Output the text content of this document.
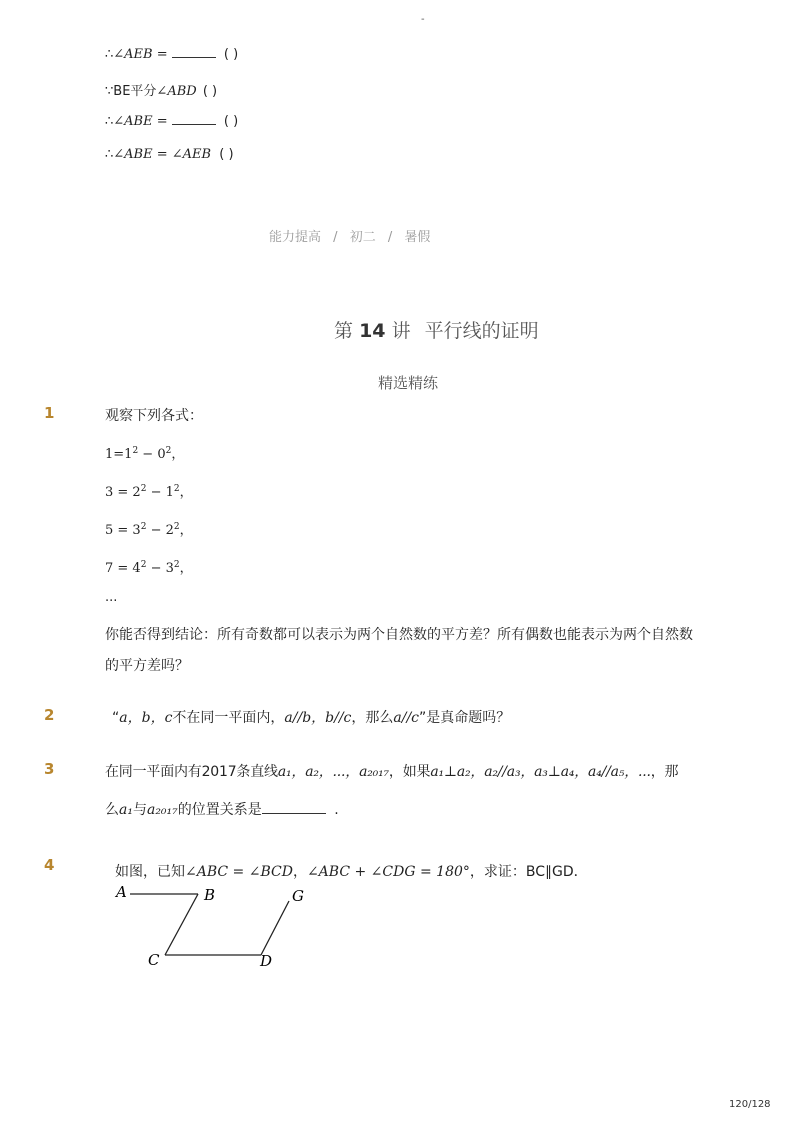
-
∴∠AEB =	( )
∵BE平分∠ABD ( )
∴∠ABE =	( )
∴∠ABE = ∠AEB ( )
能力提高 / 初二 / 暑假
第 14 讲 平行线的证明
精选精练
1	观察下列各式：
$1=1^2 - 0^2$，
$3 = 2^2 - 1^2$，
$5 = 3^2 - 2^2$，
$7 = 4^2 - 3^2$，
...
你能否得到结论：所有奇数都可以表示为两个自然数的平方差？所有偶数也能表示为两个自然数
的平方差吗？
2	“a，b，c不在同一平面内，a//b，b//c，那么a//c”是真命题吗？
3	在同一平面内有2017条直线a₁，a₂，...，a₂₀₁₇，如果a₁⊥a₂，a₂//a₃，a₃⊥a₄，a₄//a₅，...，那
么a₁与a₂₀₁₇的位置关系是	.
4	如图，已知∠ABC = ∠BCD，∠ABC + ∠CDG = 180°，求证：BC∥GD．
A	B
C	D
G
120/128
